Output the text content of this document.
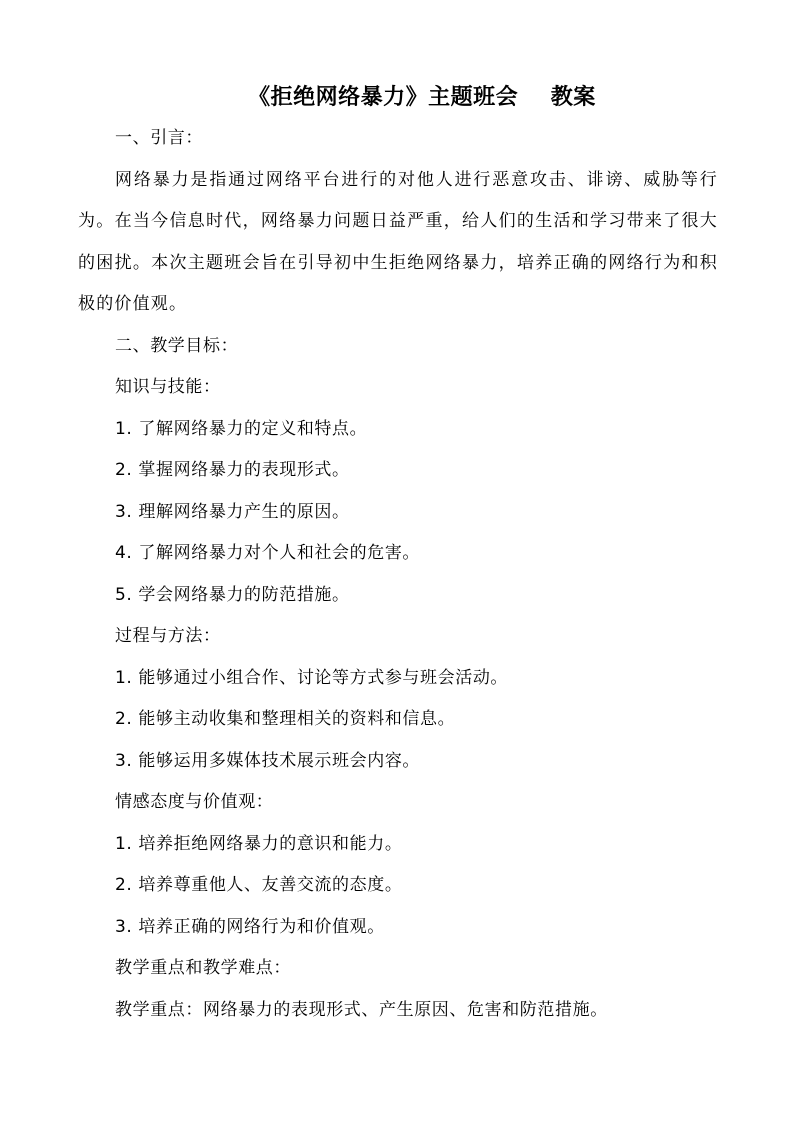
《拒绝网络暴力》主题班会    教案

一、引言：

网络暴力是指通过网络平台进行的对他人进行恶意攻击、诽谤、威胁等行为。在当今信息时代，网络暴力问题日益严重，给人们的生活和学习带来了很大的困扰。本次主题班会旨在引导初中生拒绝网络暴力，培养正确的网络行为和积极的价值观。

二、教学目标：

知识与技能：

1. 了解网络暴力的定义和特点。

2. 掌握网络暴力的表现形式。

3. 理解网络暴力产生的原因。

4. 了解网络暴力对个人和社会的危害。

5. 学会网络暴力的防范措施。

过程与方法：

1. 能够通过小组合作、讨论等方式参与班会活动。

2. 能够主动收集和整理相关的资料和信息。

3. 能够运用多媒体技术展示班会内容。

情感态度与价值观：

1. 培养拒绝网络暴力的意识和能力。

2. 培养尊重他人、友善交流的态度。

3. 培养正确的网络行为和价值观。

教学重点和教学难点：

教学重点：网络暴力的表现形式、产生原因、危害和防范措施。
